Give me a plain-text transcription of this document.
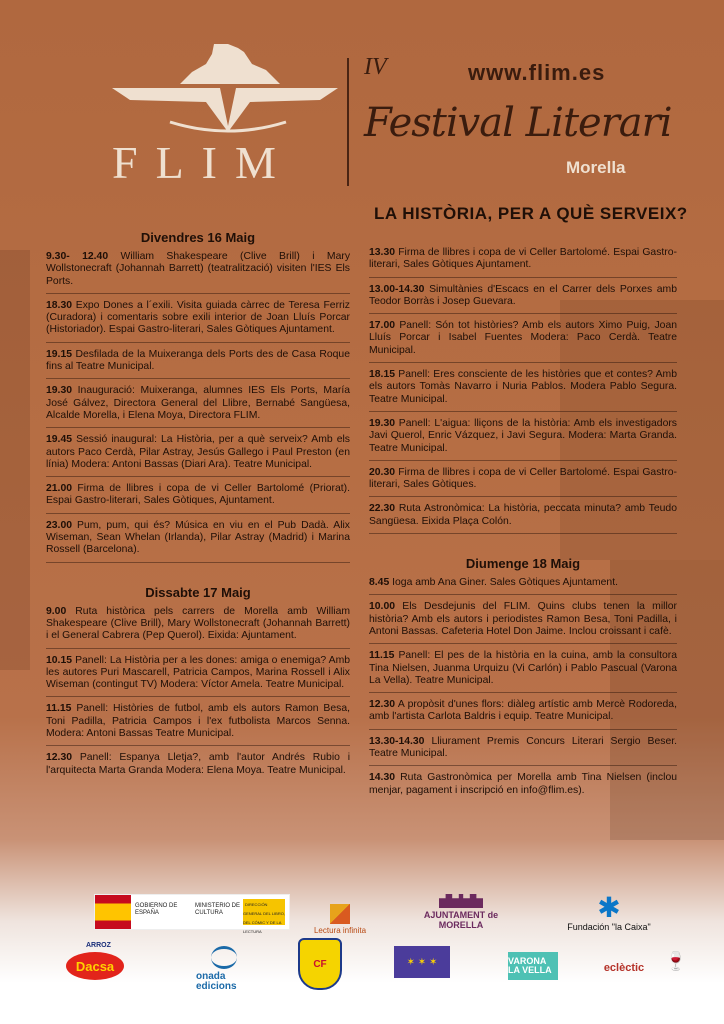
FLIM
IV	www.flim.es
Festival Literari
Morella
LA HISTÒRIA, PER A QUÈ SERVEIX?
Divendres 16 Maig
9.30- 12.40 William Shakespeare (Clive Brill) i Mary Wollstonecraft (Johannah Barrett) (teatralització) visiten l'IES Els Ports.
18.30 Expo Dones a l´exili. Visita guiada càrrec de Teresa Ferriz (Curadora) i comentaris sobre exili interior de Joan Lluís Porcar (Historiador). Espai Gastro-literari, Sales Gòtiques Ajuntament.
19.15 Desfilada de la Muixeranga dels Ports des de Casa Roque fins al Teatre Municipal.
19.30 Inauguració: Muixeranga, alumnes IES Els Ports, María José Gálvez, Directora General del Llibre, Bernabé Sangüesa, Alcalde Morella, i Elena Moya, Directora FLIM.
19.45 Sessió inaugural: La Història, per a què serveix? Amb els autors Paco Cerdà, Pilar Astray, Jesús Gallego i Paul Preston (en línia) Modera: Antoni Bassas (Diari Ara). Teatre Municipal.
21.00 Firma de llibres i copa de vi Celler Bartolomé (Priorat). Espai Gastro-literari, Sales Gòtiques, Ajuntament.
23.00 Pum, pum, qui és? Música en viu en el Pub Dadà. Alix Wiseman, Sean Whelan (Irlanda), Pilar Astray (Madrid) i Marina Rossell (Barcelona).
Dissabte 17 Maig
9.00 Ruta històrica pels carrers de Morella amb William Shakespeare (Clive Brill), Mary Wollstonecraft (Johannah Barrett) i el General Cabrera (Pep Querol). Eixida: Ajuntament.
10.15 Panell: La Història per a les dones: amiga o enemiga? Amb les autores Puri Mascarell, Patricia Campos, Marina Rossell i Alix Wiseman (contingut TV) Modera: Víctor Amela. Teatre Municipal.
11.15 Panell: Històries de futbol, amb els autors Ramon Besa, Toni Padilla, Patricia Campos i l'ex futbolista Marcos Senna. Modera: Antoni Bassas Teatre Municipal.
12.30 Panell: Espanya Lletja?, amb l'autor Andrés Rubio i l'arquitecta Marta Granda Modera: Elena Moya. Teatre Municipal.
13.30 Firma de llibres i copa de vi Celler Bartolomé. Espai Gastro-literari, Sales Gòtiques Ajuntament.
13.00-14.30 Simultànies d'Escacs en el Carrer dels Porxes amb Teodor Borràs i Josep Guevara.
17.00 Panell: Són tot històries? Amb els autors Ximo Puig, Joan Lluís Porcar i Isabel Fuentes Modera: Paco Cerdà. Teatre Municipal.
18.15 Panell: Eres consciente de les històries que et contes? Amb els autors Tomàs Navarro i Nuria Pablos. Modera Pablo Segura. Teatre Municipal.
19.30 Panell: L'aigua: lliçons de la història: Amb els investigadors Javi Querol, Enric Vázquez, i Javi Segura. Modera: Marta Granda. Teatre Municipal.
20.30 Firma de llibres i copa de vi Celler Bartolomé. Espai Gastro-literari, Sales Gòtiques.
22.30 Ruta Astronòmica: La història, peccata minuta? amb Teudo Sangüesa. Eixida Plaça Colón.
Diumenge 18 Maig
8.45 Ioga amb Ana Giner. Sales Gòtiques Ajuntament.
10.00 Els Desdejunis del FLIM. Quins clubs tenen la millor història? Amb els autors i periodistes Ramon Besa, Toni Padilla, i Antoni Bassas. Cafeteria Hotel Don Jaime. Inclou croissant i cafè.
11.15 Panell: El pes de la història en la cuina, amb la consultora Tina Nielsen, Juanma Urquizu (Vi Carlón) i Pablo Pascual (Varona La Vella). Teatre Municipal.
12.30 A propòsit d'unes flors: diàleg artístic amb Mercè Rodoreda, amb l'artista Carlota Baldris i equip. Teatre Municipal.
13.30-14.30 Lliurament Premis Concurs Literari Sergio Beser. Teatre Municipal.
14.30 Ruta Gastronòmica per Morella amb Tina Nielsen (inclou menjar, pagament i inscripció en info@flim.es).
GOBIERNO DE ESPAÑA
MINISTERIO DE CULTURA
DIRECCIÓN GENERAL DEL LIBRO, DEL CÓMIC Y DE LA LECTURA	Lectura infinita
AJUNTAMENT de MORELLA
✱
Fundación "la Caixa"
ARROZ
Dacsa
onada edicions
CF	✶ ✶ ✶	VARONA LA VELLA	eclèctic	🍷
